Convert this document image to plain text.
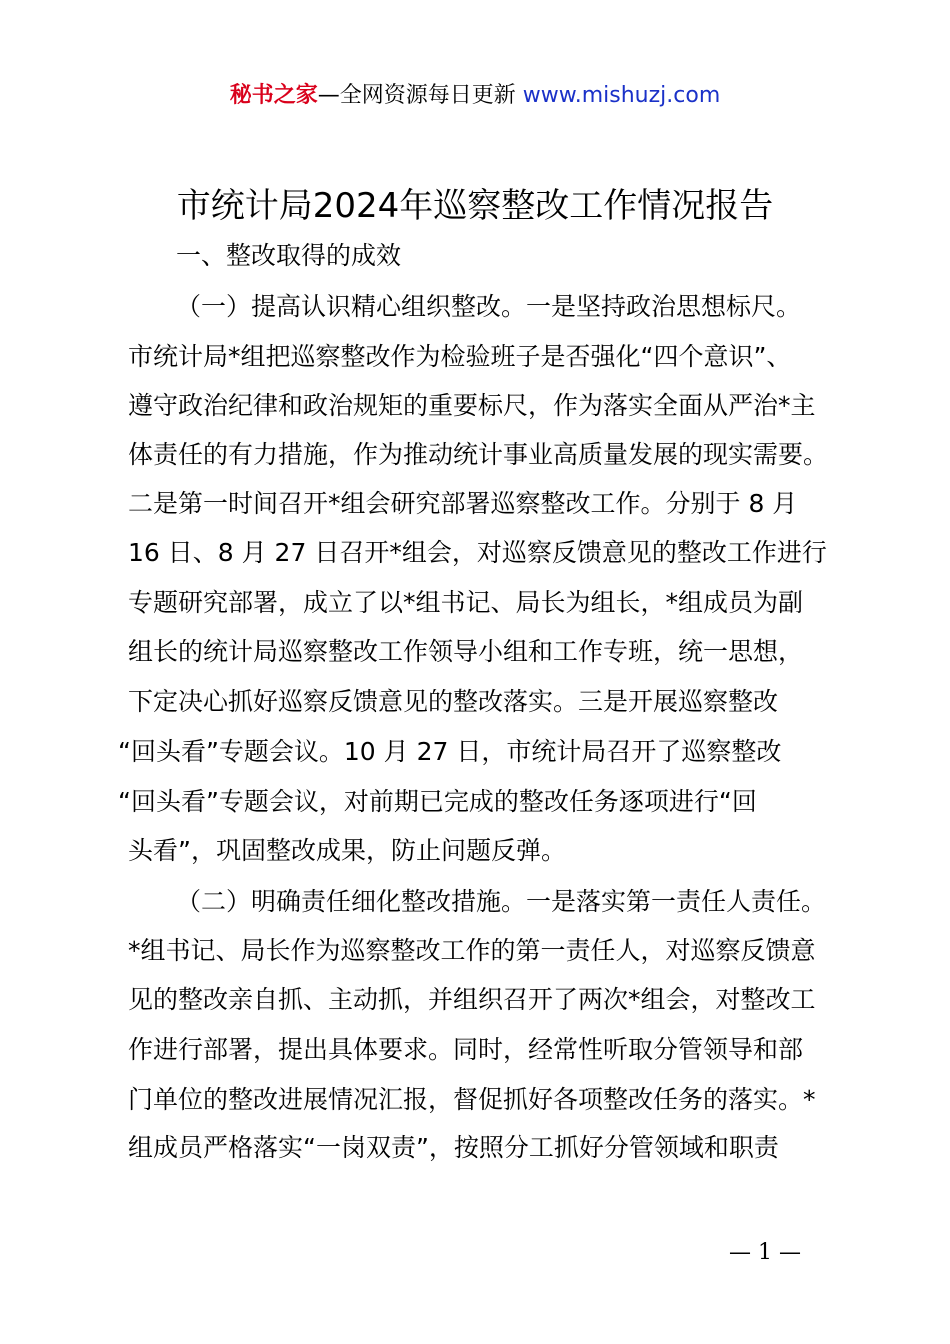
秘书之家—全网资源每日更新 www.mishuzj.com
市统计局2024年巡察整改工作情况报告
一、整改取得的成效
（一）提高认识精心组织整改。一是坚持政治思想标尺。
市统计局*组把巡察整改作为检验班子是否强化“四个意识”、
遵守政治纪律和政治规矩的重要标尺，作为落实全面从严治*主
体责任的有力措施，作为推动统计事业高质量发展的现实需要。
二是第一时间召开*组会研究部署巡察整改工作。分别于 8 月
16 日、8 月 27 日召开*组会，对巡察反馈意见的整改工作进行
专题研究部署，成立了以*组书记、局长为组长，*组成员为副
组长的统计局巡察整改工作领导小组和工作专班，统一思想，
下定决心抓好巡察反馈意见的整改落实。三是开展巡察整改
“回头看”专题会议。10 月 27 日，市统计局召开了巡察整改
“回头看”专题会议，对前期已完成的整改任务逐项进行“回
头看”，巩固整改成果，防止问题反弹。
（二）明确责任细化整改措施。一是落实第一责任人责任。
*组书记、局长作为巡察整改工作的第一责任人，对巡察反馈意
见的整改亲自抓、主动抓，并组织召开了两次*组会，对整改工
作进行部署，提出具体要求。同时，经常性听取分管领导和部
门单位的整改进展情况汇报，督促抓好各项整改任务的落实。*
组成员严格落实“一岗双责”，按照分工抓好分管领域和职责
— 1 —
